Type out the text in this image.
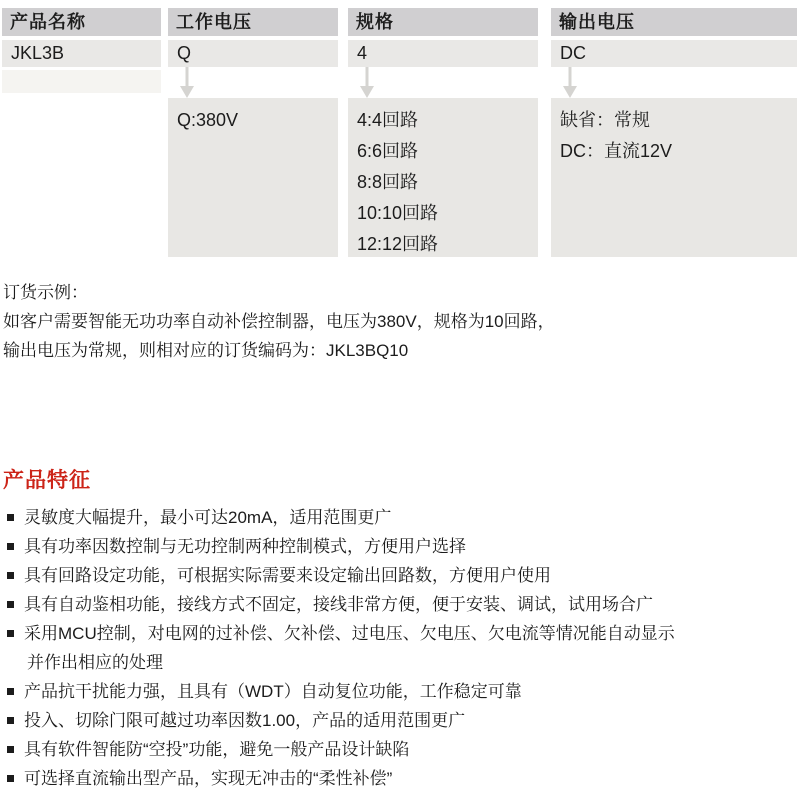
产品名称
JKL3B
工作电压
Q
Q:380V
规格
4
4:4回路
6:6回路
8:8回路
10:10回路
12:12回路
输出电压
DC
缺省：常规
DC：直流12V
订货示例：
如客户需要智能无功功率自动补偿控制器，电压为380V，规格为10回路，
输出电压为常规，则相对应的订货编码为：JKL3BQ10
产品特征
灵敏度大幅提升，最小可达20mA，适用范围更广
具有功率因数控制与无功控制两种控制模式，方便用户选择
具有回路设定功能，可根据实际需要来设定输出回路数，方便用户使用
具有自动鉴相功能，接线方式不固定，接线非常方便，便于安装、调试，试用场合广
采用MCU控制，对电网的过补偿、欠补偿、过电压、欠电压、欠电流等情况能自动显示
并作出相应的处理
产品抗干扰能力强，且具有（WDT）自动复位功能，工作稳定可靠
投入、切除门限可越过功率因数1.00，产品的适用范围更广
具有软件智能防“空投”功能，避免一般产品设计缺陷
可选择直流输出型产品，实现无冲击的“柔性补偿”
